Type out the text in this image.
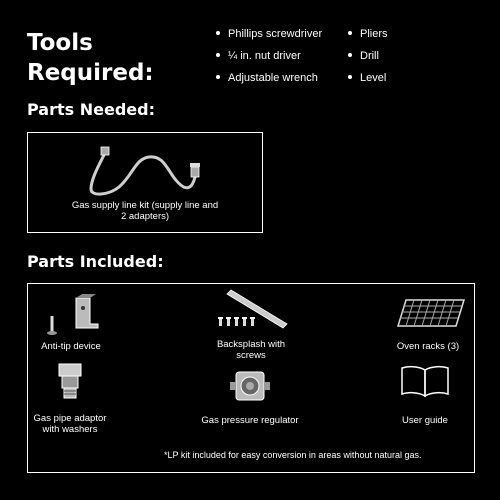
Tools
Required:
Phillips screwdriver
¼ in. nut driver
Adjustable wrench
Pliers
Drill
Level
Parts Needed:
Gas supply line kit (supply line and 2 adapters)
Parts Included:
Anti-tip device	Backsplash with screws
Oven racks (3)
Gas pipe adaptor with washers
Gas pressure regulator	User guide
*LP kit included for easy conversion in areas without natural gas.
